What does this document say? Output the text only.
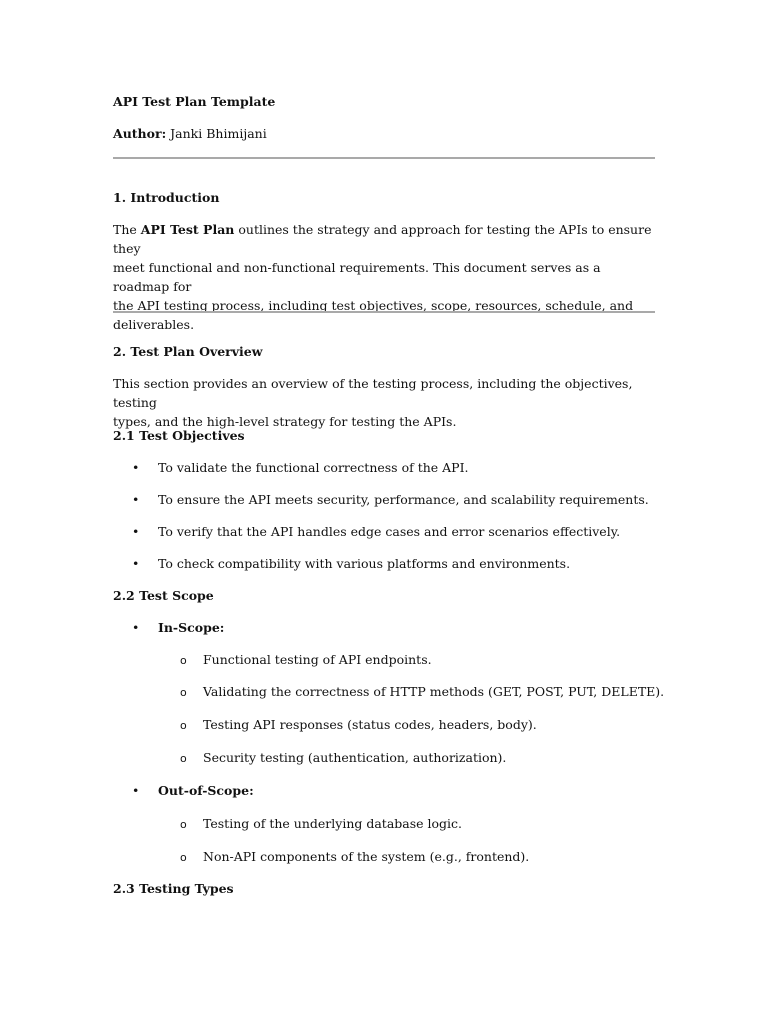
API Test Plan Template
Author: Janki Bhimijani
1. Introduction
The API Test Plan outlines the strategy and approach for testing the APIs to ensure they
meet functional and non-functional requirements. This document serves as a roadmap for
the API testing process, including test objectives, scope, resources, schedule, and
deliverables.
2. Test Plan Overview
This section provides an overview of the testing process, including the objectives, testing
types, and the high-level strategy for testing the APIs.
2.1 Test Objectives
• To validate the functional correctness of the API.
• To ensure the API meets security, performance, and scalability requirements.
• To verify that the API handles edge cases and error scenarios effectively.
• To check compatibility with various platforms and environments.
2.2 Test Scope
• In-Scope:
o Functional testing of API endpoints.
o Validating the correctness of HTTP methods (GET, POST, PUT, DELETE).
o Testing API responses (status codes, headers, body).
o Security testing (authentication, authorization).
• Out-of-Scope:
o Testing of the underlying database logic.
o Non-API components of the system (e.g., frontend).
2.3 Testing Types
